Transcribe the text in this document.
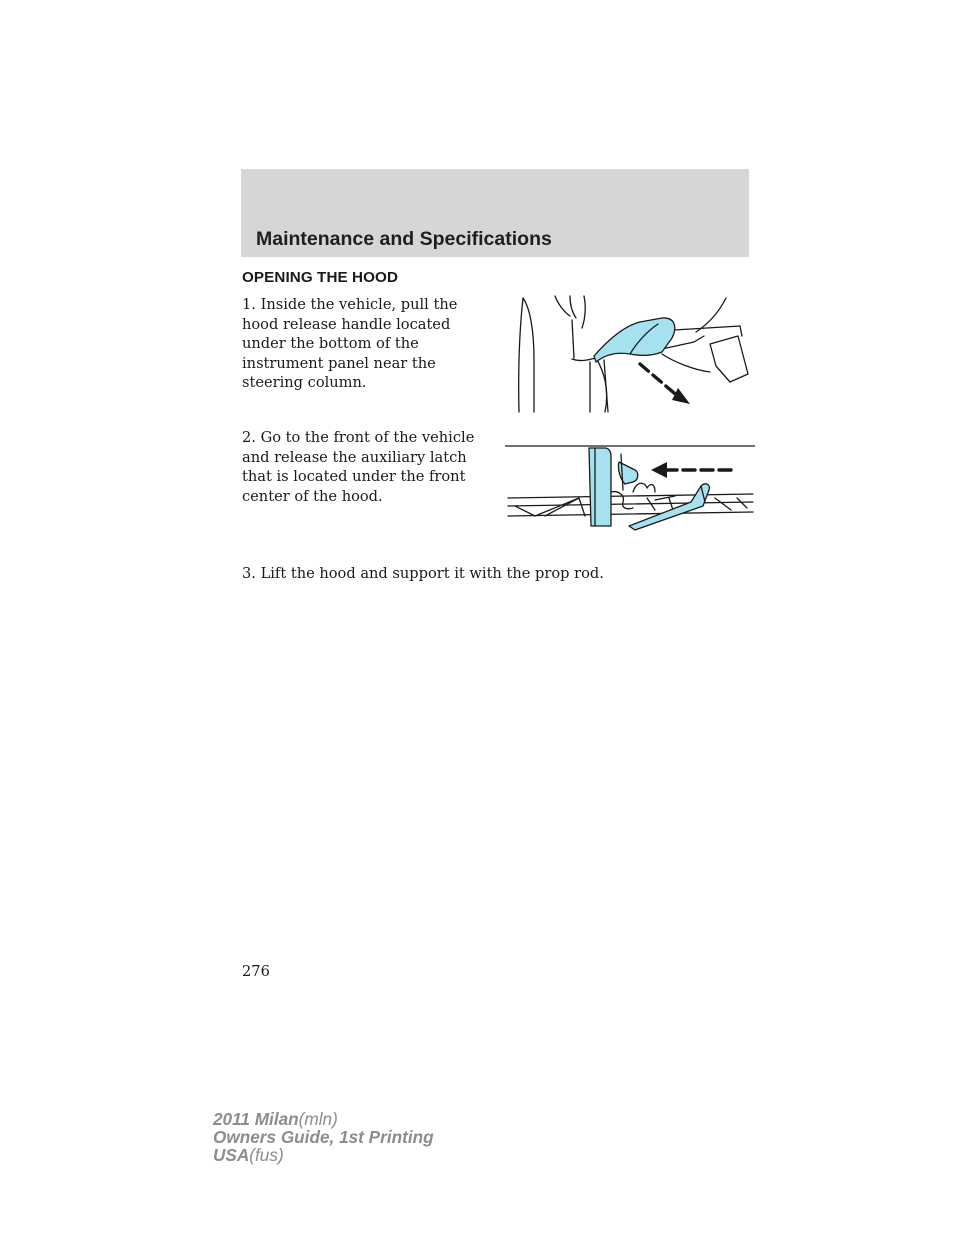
Maintenance and Specifications
OPENING THE HOOD

1. Inside the vehicle, pull the hood release handle located under the bottom of the instrument panel near the steering column.

2. Go to the front of the vehicle and release the auxiliary latch that is located under the front center of the hood.

3. Lift the hood and support it with the prop rod.

276

2011 Milan(mln)
Owners Guide, 1st Printing
USA(fus)
